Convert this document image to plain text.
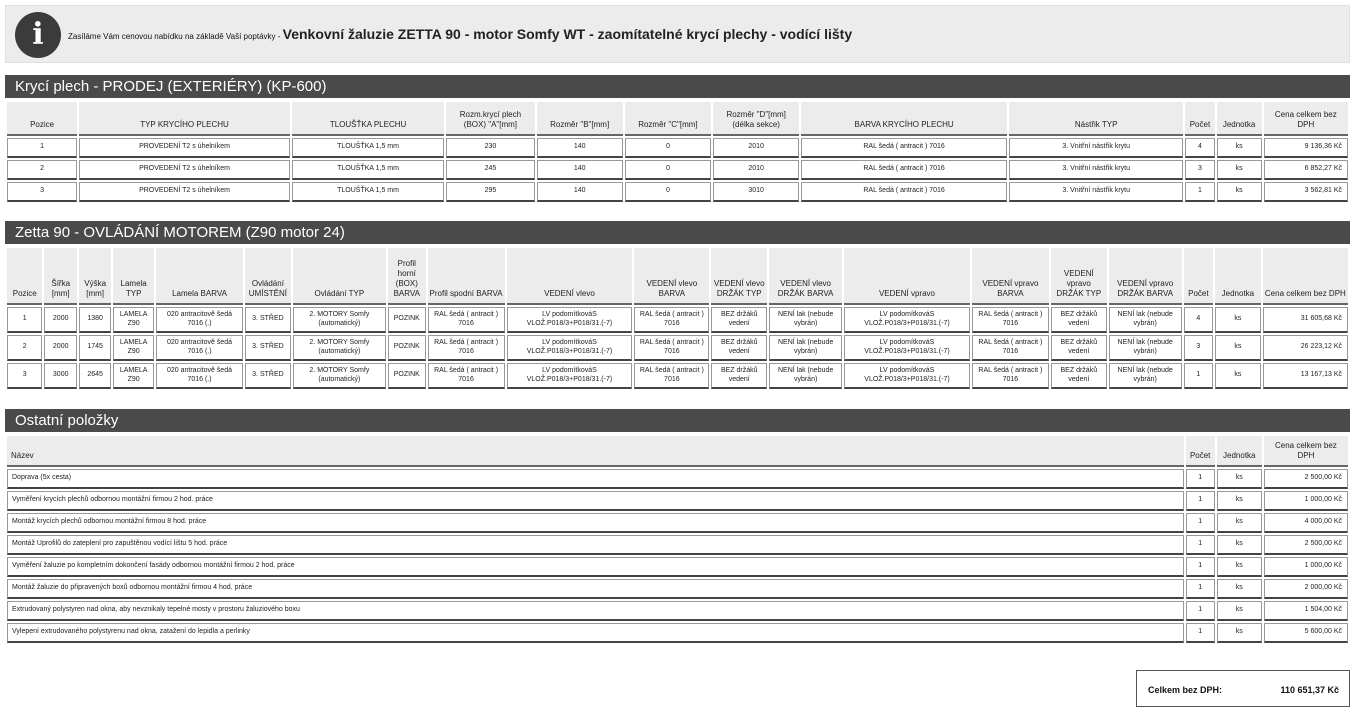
i	Zasíláme Vám cenovou nabídku na základě Vaší poptávky - Venkovní žaluzie ZETTA 90 - motor Somfy WT - zaomítatelné krycí plechy - vodící lišty
Krycí plech - PRODEJ (EXTERIÉRY) (KP-600)
Pozice	TYP KRYCÍHO PLECHU	TLOUŠŤKA PLECHU	Rozm.krycí plech (BOX) "A"[mm]	Rozměr "B"[mm]	Rozměr "C"[mm]	Rozměr "D"[mm] (délka sekce)	BARVA KRYCÍHO PLECHU	Nástřik TYP	Počet	Jednotka	Cena celkem bez DPH
1	PROVEDENÍ T2 s úhelníkem	TLOUŠŤKA 1,5 mm	230	140	0	2010	RAL šedá ( antracit ) 7016	3. Vnitřní nástřik krytu	4	ks	9 136,36 Kč
2	PROVEDENÍ T2 s úhelníkem	TLOUŠŤKA 1,5 mm	245	140	0	2010	RAL šedá ( antracit ) 7016	3. Vnitřní nástřik krytu	3	ks	6 852,27 Kč
3	PROVEDENÍ T2 s úhelníkem	TLOUŠŤKA 1,5 mm	295	140	0	3010	RAL šedá ( antracit ) 7016	3. Vnitřní nástřik krytu	1	ks	3 562,81 Kč
Zetta 90 - OVLÁDÁNÍ MOTOREM (Z90 motor 24)
Pozice	Šířka [mm]	Výška [mm]	Lamela TYP	Lamela BARVA	Ovládání UMÍSTĚNÍ	Ovládání TYP	Profil horní (BOX) BARVA	Profil spodní BARVA	VEDENÍ vlevo	VEDENÍ vlevo BARVA	VEDENÍ vlevo DRŽÁK TYP	VEDENÍ vlevo DRŽÁK BARVA	VEDENÍ vpravo	VEDENÍ vpravo BARVA	VEDENÍ vpravo DRŽÁK TYP	VEDENÍ vpravo DRŽÁK BARVA	Počet	Jednotka	Cena celkem bez DPH
1	2000	1380	LAMELA Z90	020 antracitově šedá 7016 (.)	3. STŘED	2. MOTORY Somfy (automatický)	POZINK	RAL šedá ( antracit ) 7016	LV podomítkováS VLOŽ.P018/3+P018/31.(-7)	RAL šedá ( antracit ) 7016	BEZ držáků vedení	NENÍ lak (nebude vybrán)	LV podomítkováS VLOŽ.P018/3+P018/31.(-7)	RAL šedá ( antracit ) 7016	BEZ držáků vedení	NENÍ lak (nebude vybrán)	4	ks	31 605,68 Kč
2	2000	1745	LAMELA Z90	020 antracitově šedá 7016 (.)	3. STŘED	2. MOTORY Somfy (automatický)	POZINK	RAL šedá ( antracit ) 7016	LV podomítkováS VLOŽ.P018/3+P018/31.(-7)	RAL šedá ( antracit ) 7016	BEZ držáků vedení	NENÍ lak (nebude vybrán)	LV podomítkováS VLOŽ.P018/3+P018/31.(-7)	RAL šedá ( antracit ) 7016	BEZ držáků vedení	NENÍ lak (nebude vybrán)	3	ks	26 223,12 Kč
3	3000	2645	LAMELA Z90	020 antracitově šedá 7016 (.)	3. STŘED	2. MOTORY Somfy (automatický)	POZINK	RAL šedá ( antracit ) 7016	LV podomítkováS VLOŽ.P018/3+P018/31.(-7)	RAL šedá ( antracit ) 7016	BEZ držáků vedení	NENÍ lak (nebude vybrán)	LV podomítkováS VLOŽ.P018/3+P018/31.(-7)	RAL šedá ( antracit ) 7016	BEZ držáků vedení	NENÍ lak (nebude vybrán)	1	ks	13 167,13 Kč
Ostatní položky
Název	Počet	Jednotka	Cena celkem bez DPH
Doprava (5x cesta)	1	ks	2 500,00 Kč
Vyměření krycích plechů odbornou montážní firmou 2 hod. práce	1	ks	1 000,00 Kč
Montáž krycích plechů odbornou montážní firmou 8 hod. práce	1	ks	4 000,00 Kč
Montáž Uprofilů do zateplení pro zapuštěnou vodící lištu 5 hod. práce	1	ks	2 500,00 Kč
Vyměření žaluzie po kompletním dokončení fasády odbornou montážní firmou 2 hod. práce	1	ks	1 000,00 Kč
Montáž žaluzie do připravených boxů odbornou montážní firmou 4 hod. práce	1	ks	2 000,00 Kč
Extrudovaný polystyren nad okna, aby nevznikaly tepelné mosty v prostoru žaluziového boxu	1	ks	1 504,00 Kč
Vylepení extrudovaného polystyrenu nad okna, zatažení do lepidla a perlinky	1	ks	5 600,00 Kč
Celkem bez DPH:	110 651,37 Kč
